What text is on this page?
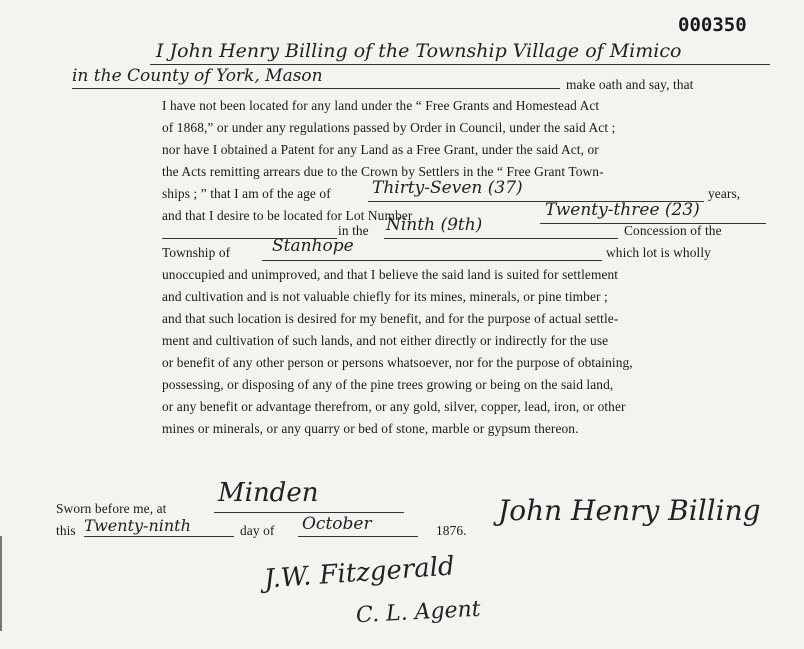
000350
I John Henry Billing of the Township Village of Mimico
in the County of York, Mason	make oath and say, that
I have not been located for any land under the “ Free Grants and Homestead Act
of 1868,” or under any regulations passed by Order in Council, under the said Act ;
nor have I obtained a Patent for any Land as a Free Grant, under the said Act, or
the Acts remitting arrears due to the Crown by Settlers in the “ Free Grant Town-
ships ; ” that I am of the age of Thirty-Seven (37)	years,
and that I desire to be located for Lot Number	Twenty-three (23)
in the Ninth (9th)	Concession of the
Township of Stanhope	which lot is wholly
unoccupied and unimproved, and that I believe the said land is suited for settlement
and cultivation and is not valuable chiefly for its mines, minerals, or pine timber ;
and that such location is desired for my benefit, and for the purpose of actual settle-
ment and cultivation of such lands, and not either directly or indirectly for the use
or benefit of any other person or persons whatsoever, nor for the purpose of obtaining,
possessing, or disposing of any of the pine trees growing or being on the said land,
or any benefit or advantage therefrom, or any gold, silver, copper, lead, iron, or other
mines or minerals, or any quarry or bed of stone, marble or gypsum thereon.
Sworn before me, at
Minden
this Twenty-ninth	day of October	1876.
John Henry Billing
J.W. Fitzgerald
C. L. Agent
